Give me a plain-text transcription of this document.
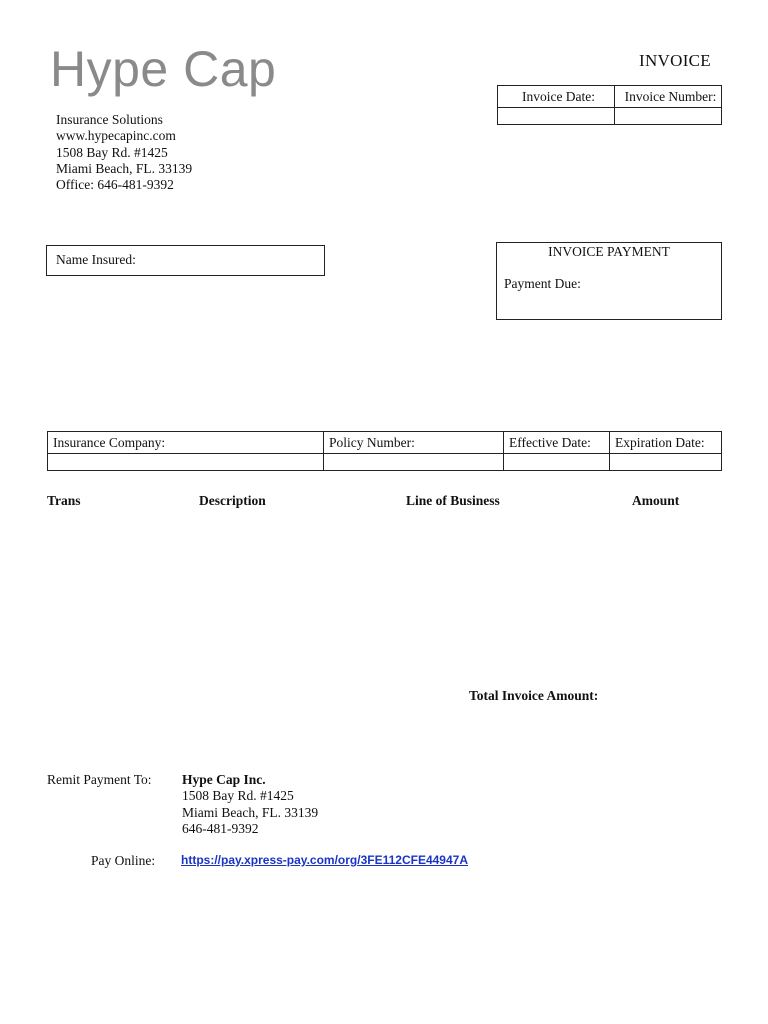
Hype Cap	INVOICE
Insurance Solutions
www.hypecapinc.com
1508 Bay Rd. #1425
Miami Beach, FL. 33139
Office: 646-481-9392
Invoice Date:	Invoice Number:

Name Insured:
INVOICE PAYMENT
Payment Due:
Insurance Company:	Policy Number:	Effective Date:	Expiration Date:

Trans	Description	Line of Business	Amount
Total Invoice Amount:
Remit Payment To: Hype Cap Inc.
1508 Bay Rd. #1425
Miami Beach, FL. 33139
646-481-9392
Pay Online: https://pay.xpress-pay.com/org/3FE112CFE44947A
